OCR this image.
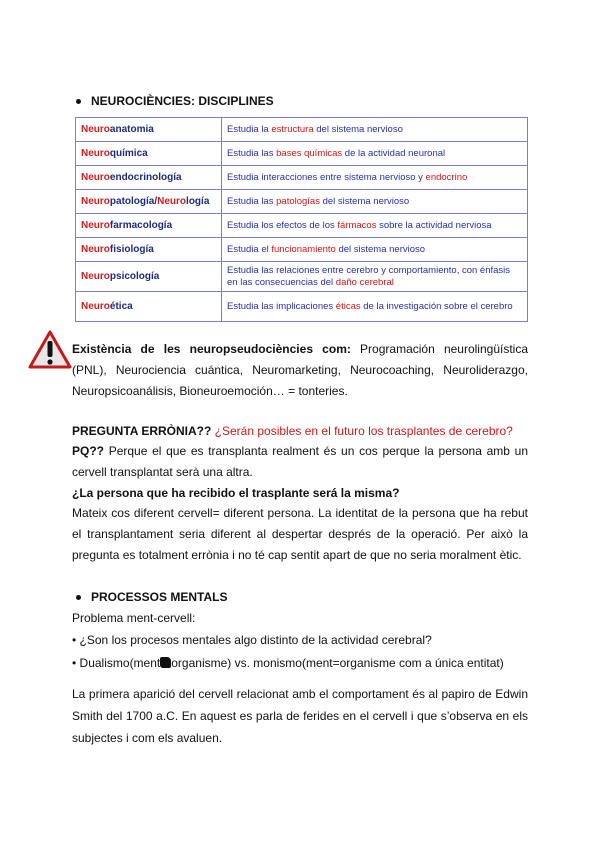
NEUROCIÈNCIES: DISCIPLINES
Neuroanatomia	Estudia la estructura del sistema nervioso
Neuroquímica	Estudia las bases químicas de la actividad neuronal
Neuroendocrinología	Estudia interacciones entre sistema nervioso y endocrino
Neuropatología/Neurología	Estudia las patologías del sistema nervioso
Neurofarmacología	Estudia los efectos de los fármacos sobre la actividad nerviosa
Neurofisiología	Estudia el funcionamiento del sistema nervioso
Neuropsicología	Estudia las relaciones entre cerebro y comportamiento, con énfasis en las consecuencias del daño cerebral
Neuroética	Estudia las implicaciones éticas de la investigación sobre el cerebro
Existència de les neuropseudociències com: Programación neurolingüística (PNL), Neurociencia cuántica, Neuromarketing, Neurocoaching, Neuroliderazgo, Neuropsicoanálisis, Bioneuroemoción… = tonteries.
PREGUNTA ERRÒNIA?? ¿Serán posibles en el futuro los trasplantes de cerebro?
PQ?? Perque el que es transplanta realment és un cos perque la persona amb un cervell transplantat serà una altra.
¿La persona que ha recibido el trasplante será la misma?
Mateix cos diferent cervell= diferent persona. La identitat de la persona que ha rebut el transplantament seria diferent al despertar després de la operació. Per això la pregunta es totalment errònia i no té cap sentit apart de que no seria moralment ètic.
PROCESSOS MENTALS
Problema ment-cervell:
• ¿Son los procesos mentales algo distinto de la actividad cerebral?
• Dualismo(ment organisme) vs. monismo(ment=organisme com a única entitat)
La primera aparició del cervell relacionat amb el comportament és al papiro de Edwin Smith del 1700 a.C. En aquest es parla de ferides en el cervell i que s’observa en els subjectes i com els avaluen.
